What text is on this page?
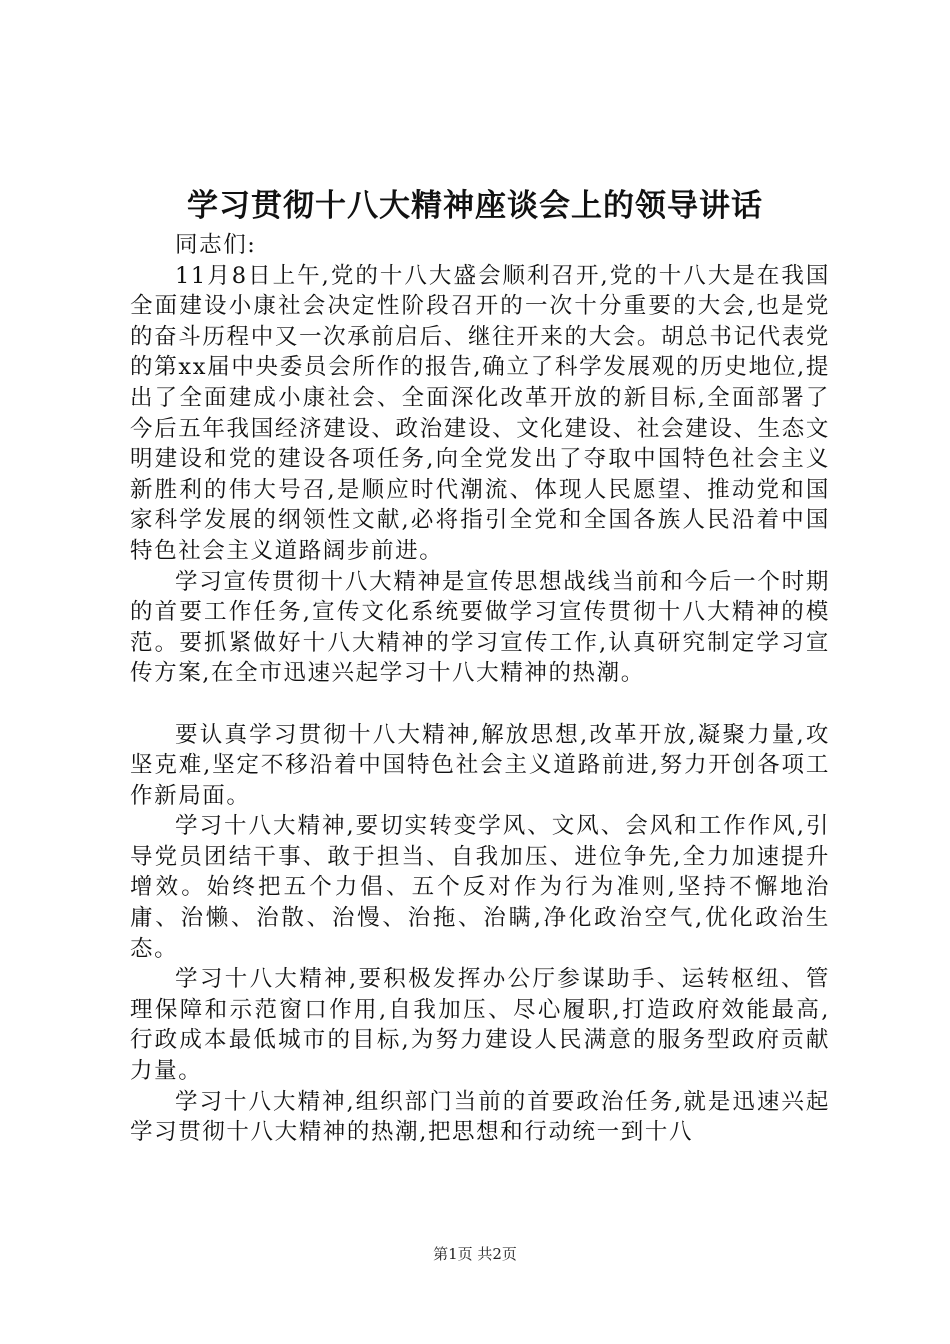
学习贯彻十八大精神座谈会上的领导讲话

同志们:

11月8日上午,党的十八大盛会顺利召开,党的十八大是在我国全面建设小康社会决定性阶段召开的一次十分重要的大会,也是党的奋斗历程中又一次承前启后、继往开来的大会。胡总书记代表党的第xx届中央委员会所作的报告,确立了科学发展观的历史地位,提出了全面建成小康社会、全面深化改革开放的新目标,全面部署了今后五年我国经济建设、政治建设、文化建设、社会建设、生态文明建设和党的建设各项任务,向全党发出了夺取中国特色社会主义新胜利的伟大号召,是顺应时代潮流、体现人民愿望、推动党和国家科学发展的纲领性文献,必将指引全党和全国各族人民沿着中国特色社会主义道路阔步前进。

学习宣传贯彻十八大精神是宣传思想战线当前和今后一个时期的首要工作任务,宣传文化系统要做学习宣传贯彻十八大精神的模范。要抓紧做好十八大精神的学习宣传工作,认真研究制定学习宣传方案,在全市迅速兴起学习十八大精神的热潮。

要认真学习贯彻十八大精神,解放思想,改革开放,凝聚力量,攻坚克难,坚定不移沿着中国特色社会主义道路前进,努力开创各项工作新局面。

学习十八大精神,要切实转变学风、文风、会风和工作作风,引导党员团结干事、敢于担当、自我加压、进位争先,全力加速提升增效。始终把五个力倡、五个反对作为行为准则,坚持不懈地治庸、治懒、治散、治慢、治拖、治瞒,净化政治空气,优化政治生态。

学习十八大精神,要积极发挥办公厅参谋助手、运转枢纽、管理保障和示范窗口作用,自我加压、尽心履职,打造政府效能最高,行政成本最低城市的目标,为努力建设人民满意的服务型政府贡献力量。

学习十八大精神,组织部门当前的首要政治任务,就是迅速兴起学习贯彻十八大精神的热潮,把思想和行动统一到十八

第1页 共2页
